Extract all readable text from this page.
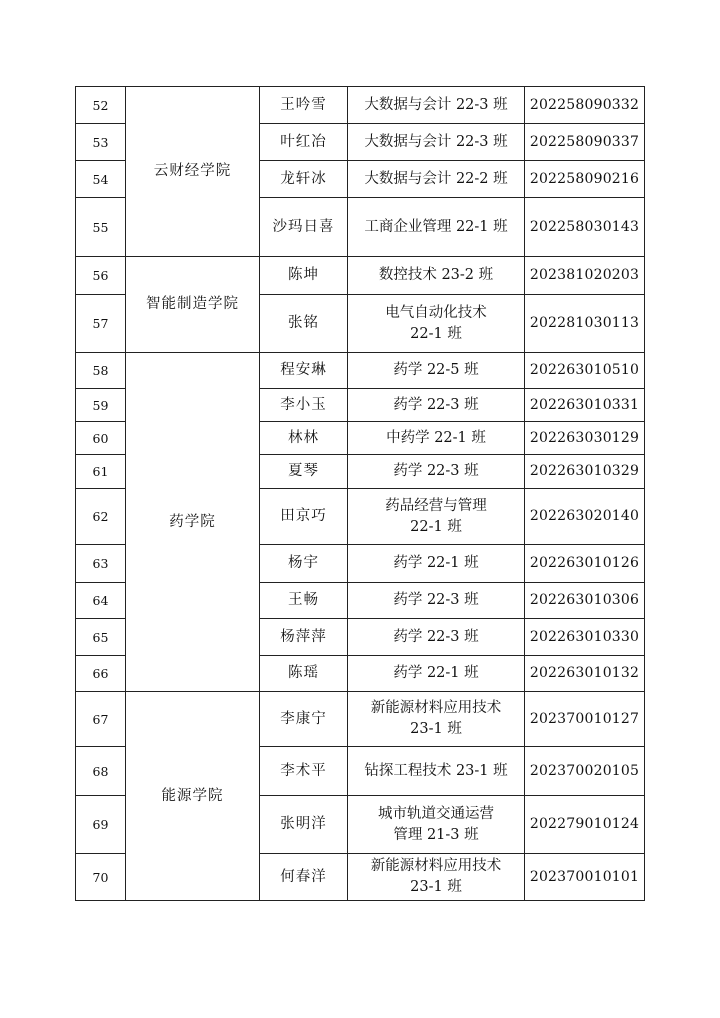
52	云财经学院	王吟雪	大数据与会计 22-3 班	202258090332
53		叶红冶	大数据与会计 22-3 班	202258090337
54		龙轩冰	大数据与会计 22-2 班	202258090216
55		沙玛日喜	工商企业管理 22-1 班	202258030143
56	智能制造学院	陈坤	数控技术 23-2 班	202381020203
57		张铭	电气自动化技术
22-1 班	202281030113
58	药学院	程安琳	药学 22-5 班	202263010510
59		李小玉	药学 22-3 班	202263010331
60		林林	中药学 22-1 班	202263030129
61		夏琴	药学 22-3 班	202263010329
62		田京巧	药品经营与管理
22-1 班	202263020140
63		杨宇	药学 22-1 班	202263010126
64		王畅	药学 22-3 班	202263010306
65		杨萍萍	药学 22-3 班	202263010330
66		陈瑶	药学 22-1 班	202263010132
67	能源学院	李康宁	新能源材料应用技术
23-1 班	202370010127
68		李术平	钻探工程技术 23-1 班	202370020105
69		张明洋	城市轨道交通运营
管理 21-3 班	202279010124
70		何春洋	新能源材料应用技术
23-1 班	202370010101
